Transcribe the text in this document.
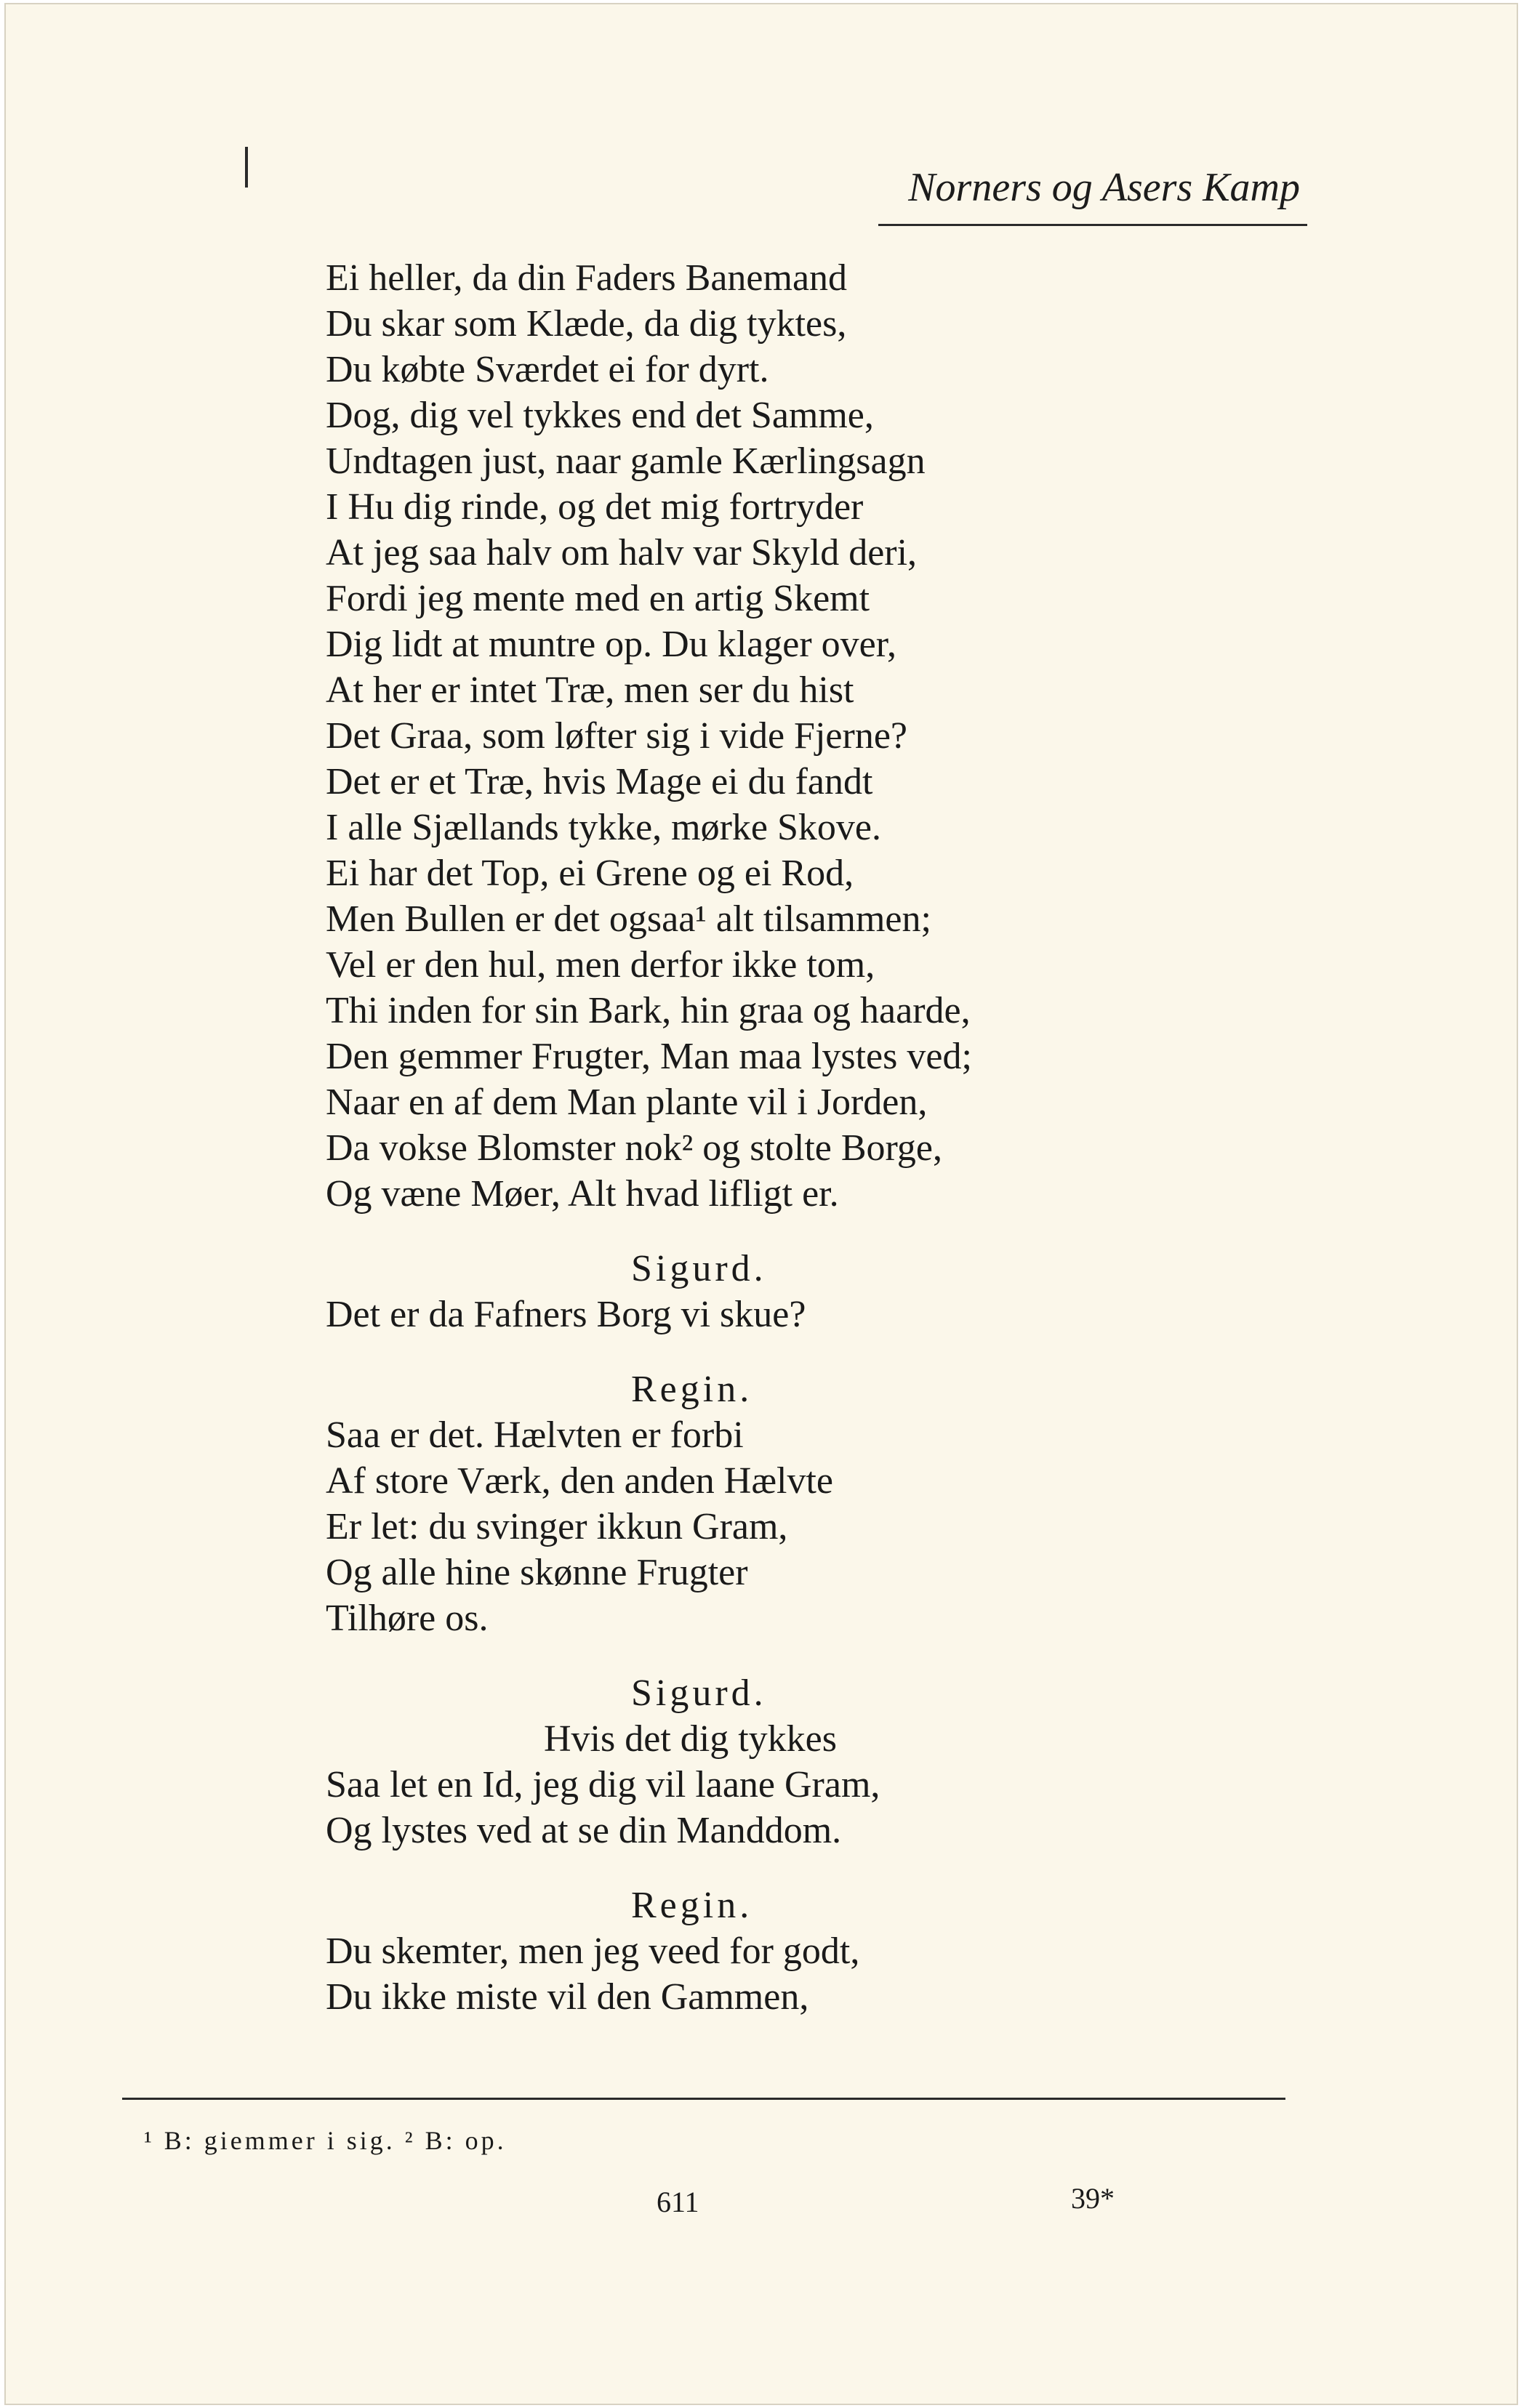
Norners og Asers Kamp
Ei heller, da din Faders Banemand
Du skar som Klæde, da dig tyktes,
Du købte Sværdet ei for dyrt.
Dog, dig vel tykkes end det Samme,
Undtagen just, naar gamle Kærlingsagn
I Hu dig rinde, og det mig fortryder
At jeg saa halv om halv var Skyld deri,
Fordi jeg mente med en artig Skemt
Dig lidt at muntre op. Du klager over,
At her er intet Træ, men ser du hist
Det Graa, som løfter sig i vide Fjerne?
Det er et Træ, hvis Mage ei du fandt
I alle Sjællands tykke, mørke Skove.
Ei har det Top, ei Grene og ei Rod,
Men Bullen er det ogsaa¹ alt tilsammen;
Vel er den hul, men derfor ikke tom,
Thi inden for sin Bark, hin graa og haarde,
Den gemmer Frugter, Man maa lystes ved;
Naar en af dem Man plante vil i Jorden,
Da vokse Blomster nok² og stolte Borge,
Og væne Møer, Alt hvad lifligt er.
Sigurd.
Det er da Fafners Borg vi skue?
Regin.
Saa er det. Hælvten er forbi
Af store Værk, den anden Hælvte
Er let: du svinger ikkun Gram,
Og alle hine skønne Frugter
Tilhøre os.
Sigurd.
Hvis det dig tykkes
Saa let en Id, jeg dig vil laane Gram,
Og lystes ved at se din Manddom.
Regin.
Du skemter, men jeg veed for godt,
Du ikke miste vil den Gammen,
¹ B: giemmer i sig. ² B: op.
611	39*
